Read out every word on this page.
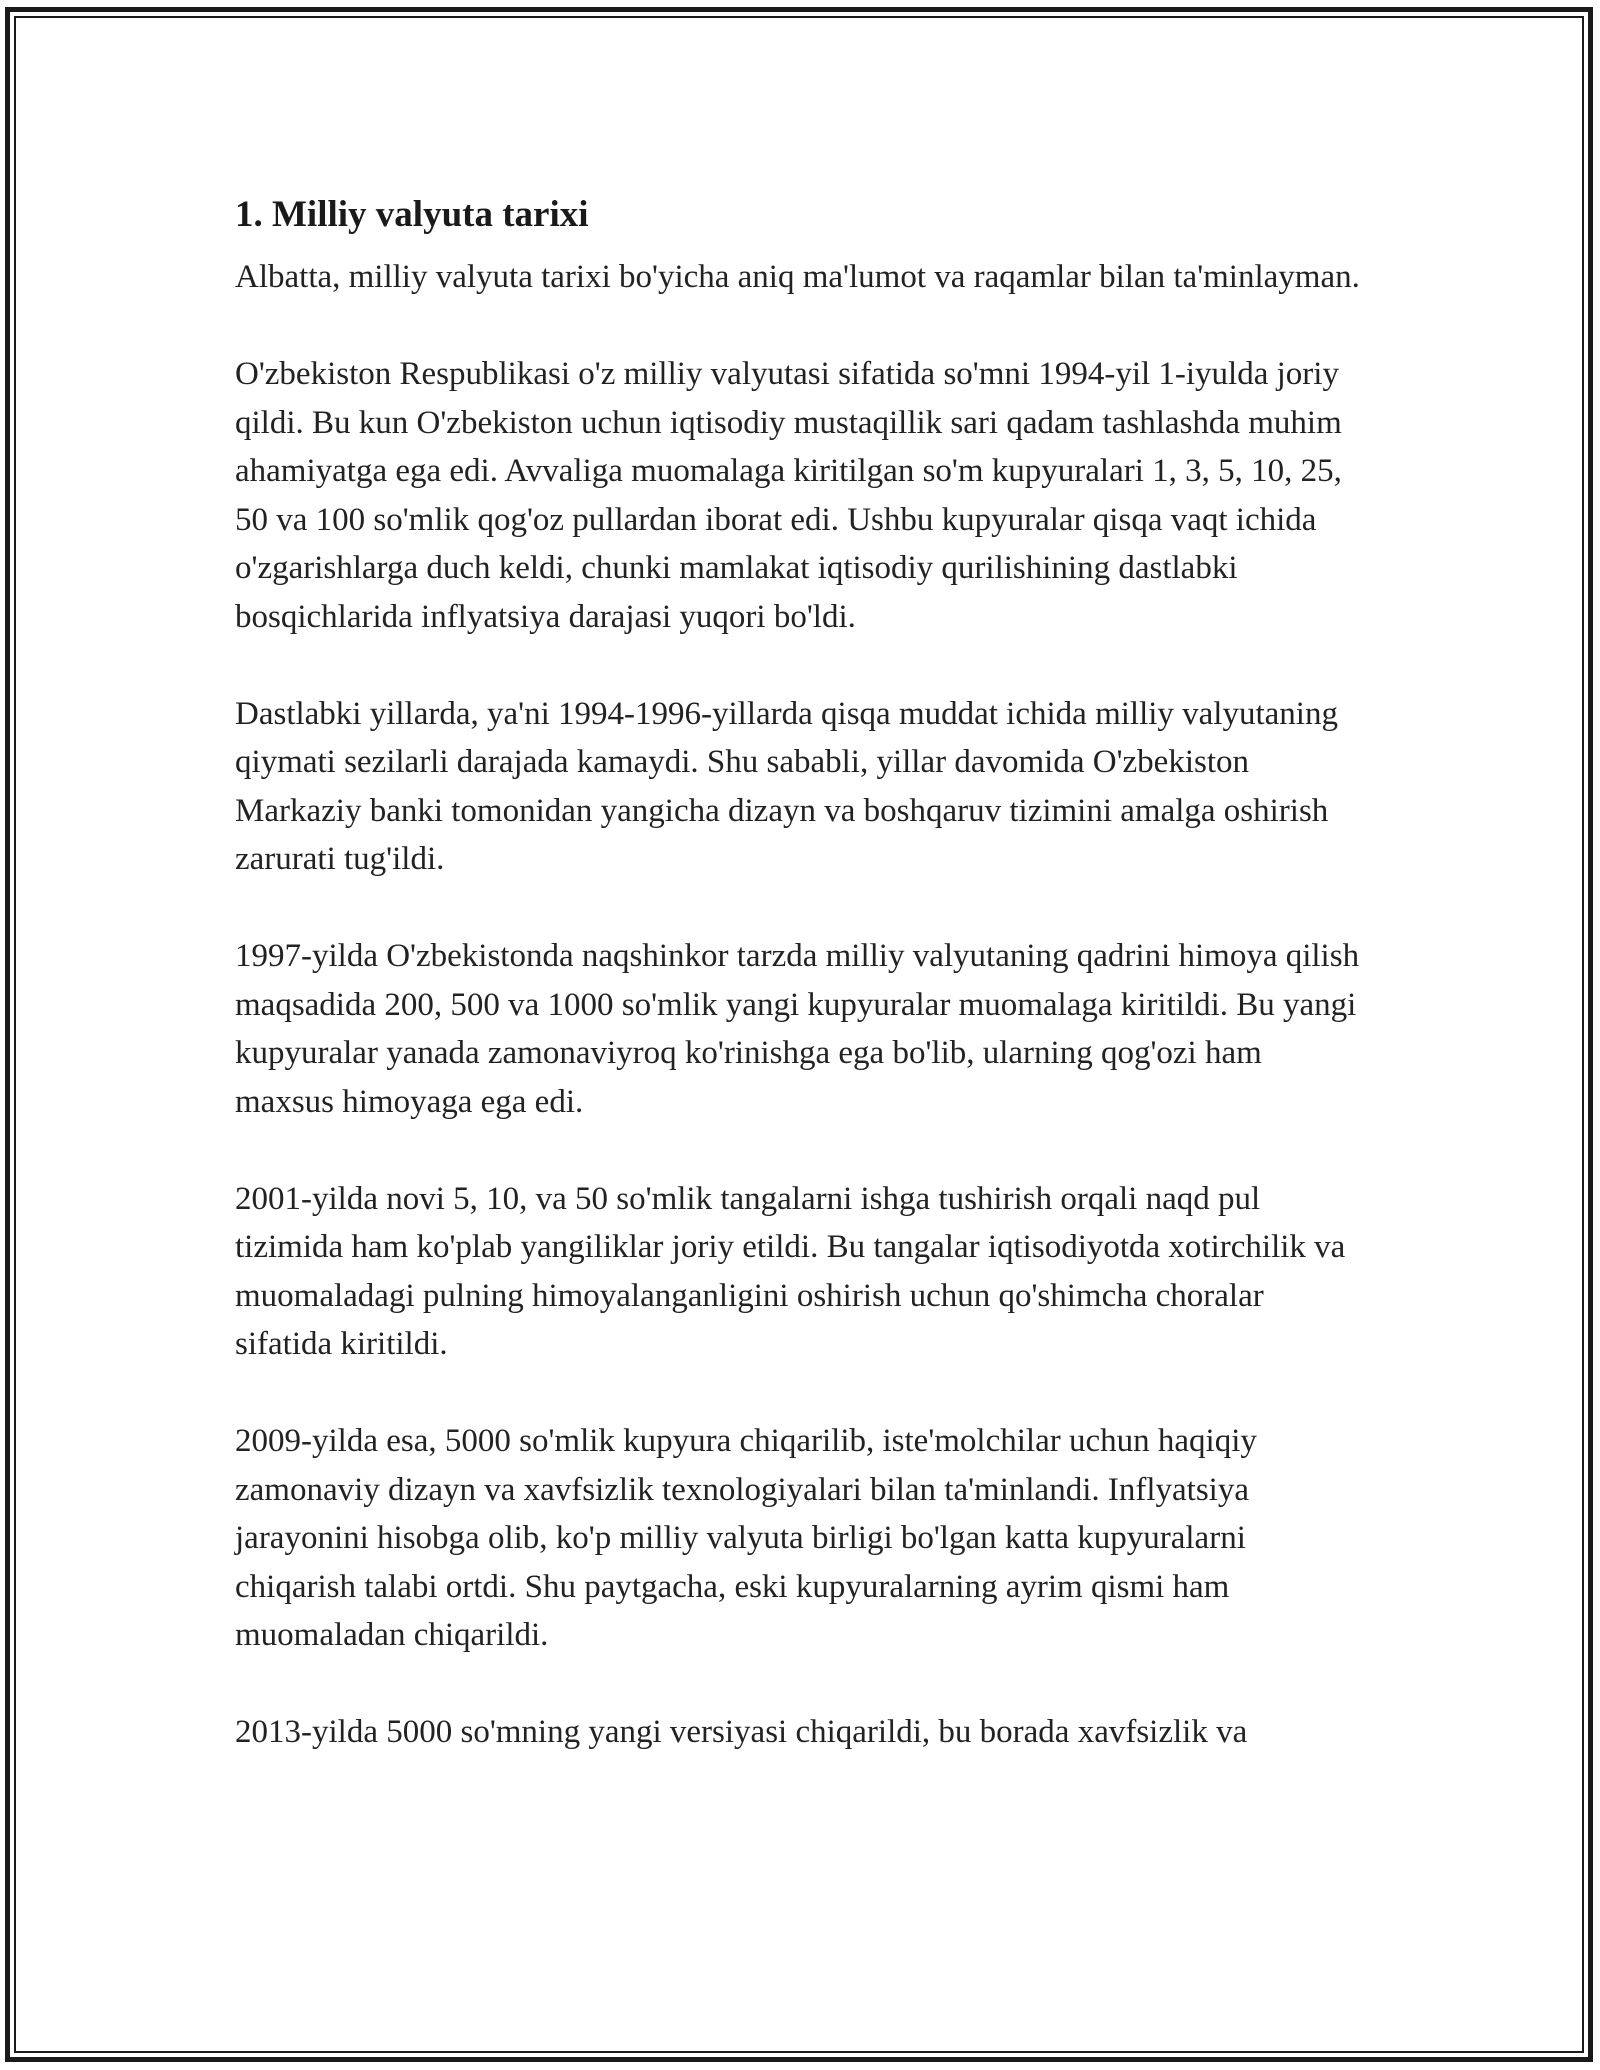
1. Milliy valyuta tarixi

Albatta, milliy valyuta tarixi bo'yicha aniq ma'lumot va raqamlar bilan ta'minlayman.

O'zbekiston Respublikasi o'z milliy valyutasi sifatida so'mni 1994-yil 1-iyulda joriy qildi. Bu kun O'zbekiston uchun iqtisodiy mustaqillik sari qadam tashlashda muhim ahamiyatga ega edi. Avvaliga muomalaga kiritilgan so'm kupyuralari 1, 3, 5, 10, 25, 50 va 100 so'mlik qog'oz pullardan iborat edi. Ushbu kupyuralar qisqa vaqt ichida o'zgarishlarga duch keldi, chunki mamlakat iqtisodiy qurilishining dastlabki bosqichlarida inflyatsiya darajasi yuqori bo'ldi.

Dastlabki yillarda, ya'ni 1994-1996-yillarda qisqa muddat ichida milliy valyutaning qiymati sezilarli darajada kamaydi. Shu sababli, yillar davomida O'zbekiston Markaziy banki tomonidan yangicha dizayn va boshqaruv tizimini amalga oshirish zarurati tug'ildi.

1997-yilda O'zbekistonda naqshinkor tarzda milliy valyutaning qadrini himoya qilish maqsadida 200, 500 va 1000 so'mlik yangi kupyuralar muomalaga kiritildi. Bu yangi kupyuralar yanada zamonaviyroq ko'rinishga ega bo'lib, ularning qog'ozi ham maxsus himoyaga ega edi.

2001-yilda novi 5, 10, va 50 so'mlik tangalarni ishga tushirish orqali naqd pul tizimida ham ko'plab yangiliklar joriy etildi. Bu tangalar iqtisodiyotda xotirchilik va muomaladagi pulning himoyalanganligini oshirish uchun qo'shimcha choralar sifatida kiritildi.

2009-yilda esa, 5000 so'mlik kupyura chiqarilib, iste'molchilar uchun haqiqiy zamonaviy dizayn va xavfsizlik texnologiyalari bilan ta'minlandi. Inflyatsiya jarayonini hisobga olib, ko'p milliy valyuta birligi bo'lgan katta kupyuralarni chiqarish talabi ortdi. Shu paytgacha, eski kupyuralarning ayrim qismi ham muomaladan chiqarildi.

2013-yilda 5000 so'mning yangi versiyasi chiqarildi, bu borada xavfsizlik va
